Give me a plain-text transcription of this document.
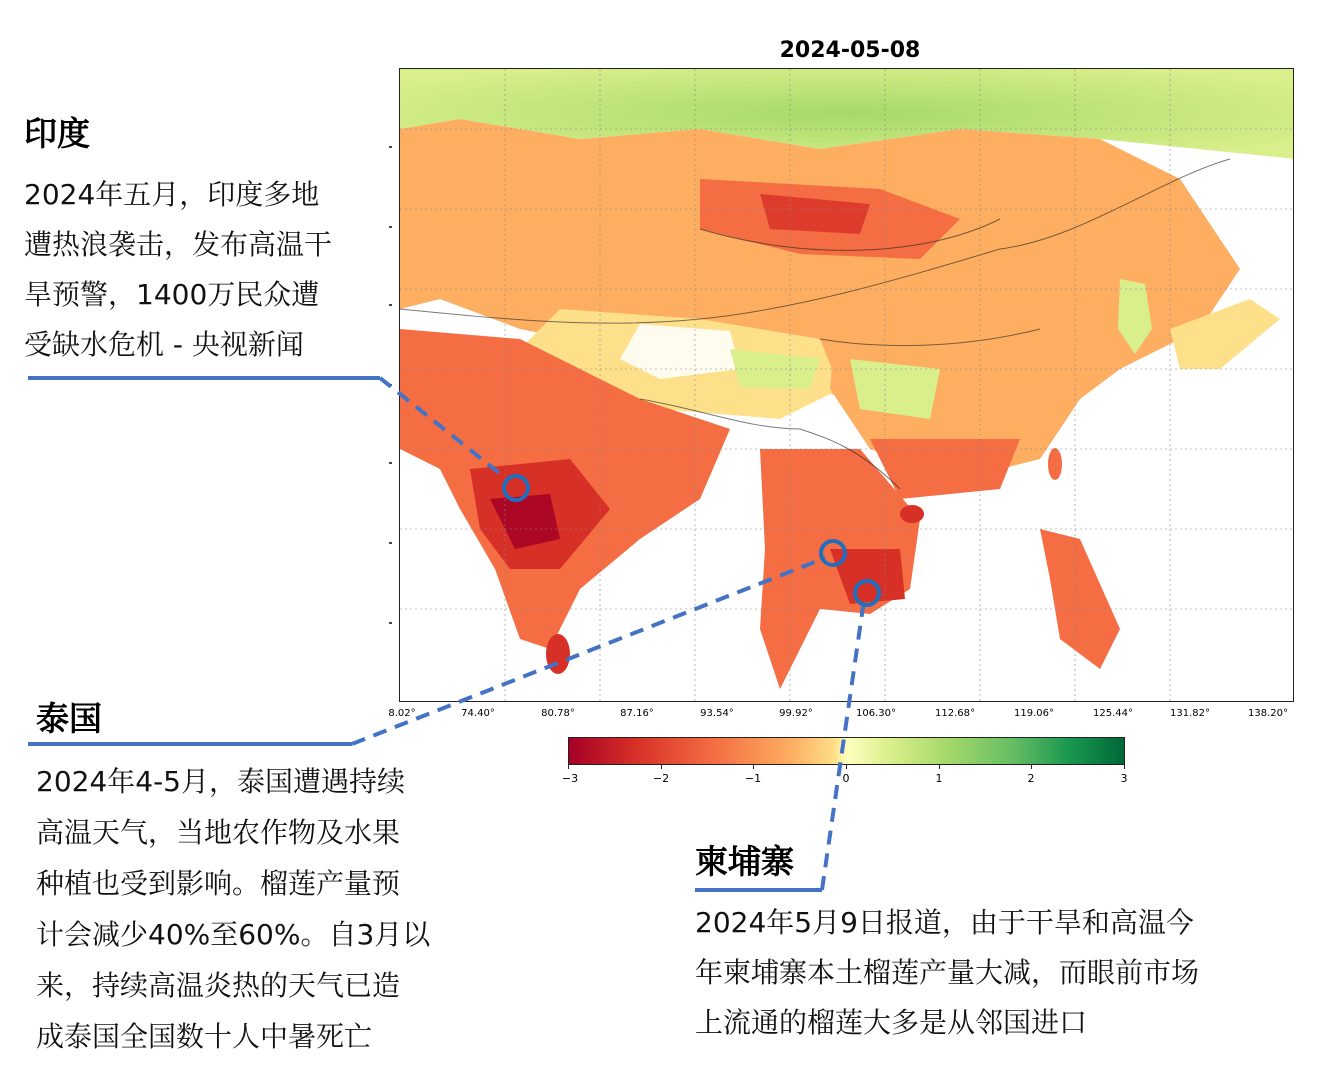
2024-05-08
8.02°	74.40°	80.78°	87.16°	93.54°	99.92°	106.30°	112.68°	119.06°	125.44°	131.82°	138.20°
−3	−2	−1	0	1	2	3
印度
2024年五月，印度多地
遭热浪袭击，发布高温干
旱预警，1400万民众遭
受缺水危机 - 央视新闻
泰国
2024年4-5月，泰国遭遇持续
高温天气，当地农作物及水果
种植也受到影响。榴莲产量预
计会减少40%至60%。自3月以
来，持续高温炎热的天气已造
成泰国全国数十人中暑死亡
柬埔寨
2024年5月9日报道，由于干旱和高温今
年柬埔寨本土榴莲产量大减，而眼前市场
上流通的榴莲大多是从邻国进口
